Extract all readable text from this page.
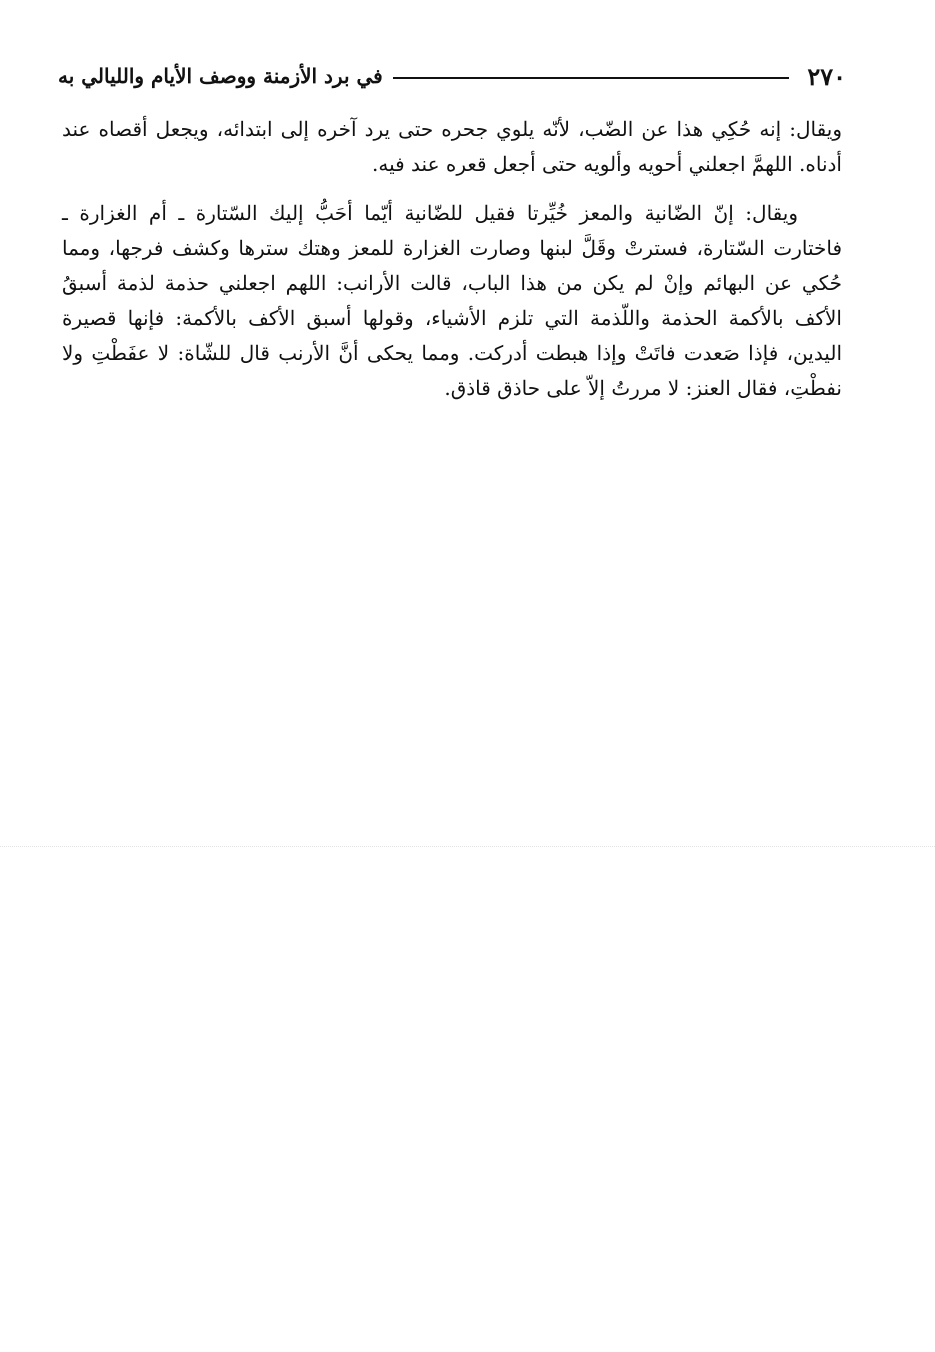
٢٧٠
في برد الأزمنة ووصف الأيام والليالي به

ويقال: إنه حُكِي هذا عن الضّب، لأنّه يلوي جحره حتى يرد آخره إلى ابتدائه، ويجعل أقصاه عند أدناه. اللهمَّ اجعلني أحويه وألويه حتى أجعل قعره عند فيه.

ويقال: إنّ الضّانية والمعز خُيِّرتا فقيل للضّانية أيّما أحَبُّ إليك السّتارة ـ أم الغزارة ـ فاختارت السّتارة، فسترتْ وقَلَّ لبنها وصارت الغزارة للمعز وهتك سترها وكشف فرجها، ومما حُكي عن البهائم وإنْ لم يكن من هذا الباب، قالت الأرانب: اللهم اجعلني حذمة لذمة أسبقُ الأكف بالأكمة الحذمة واللّذمة التي تلزم الأشياء، وقولها أسبق الأكف بالأكمة: فإنها قصيرة اليدين، فإذا صَعدت فاتَتْ وإذا هبطت أدركت. ومما يحكى أنَّ الأرنب قال للشّاة: لا عفَطْتِ ولا نفطْتِ، فقال العنز: لا مررتُ إلاّ على حاذق قاذق.
